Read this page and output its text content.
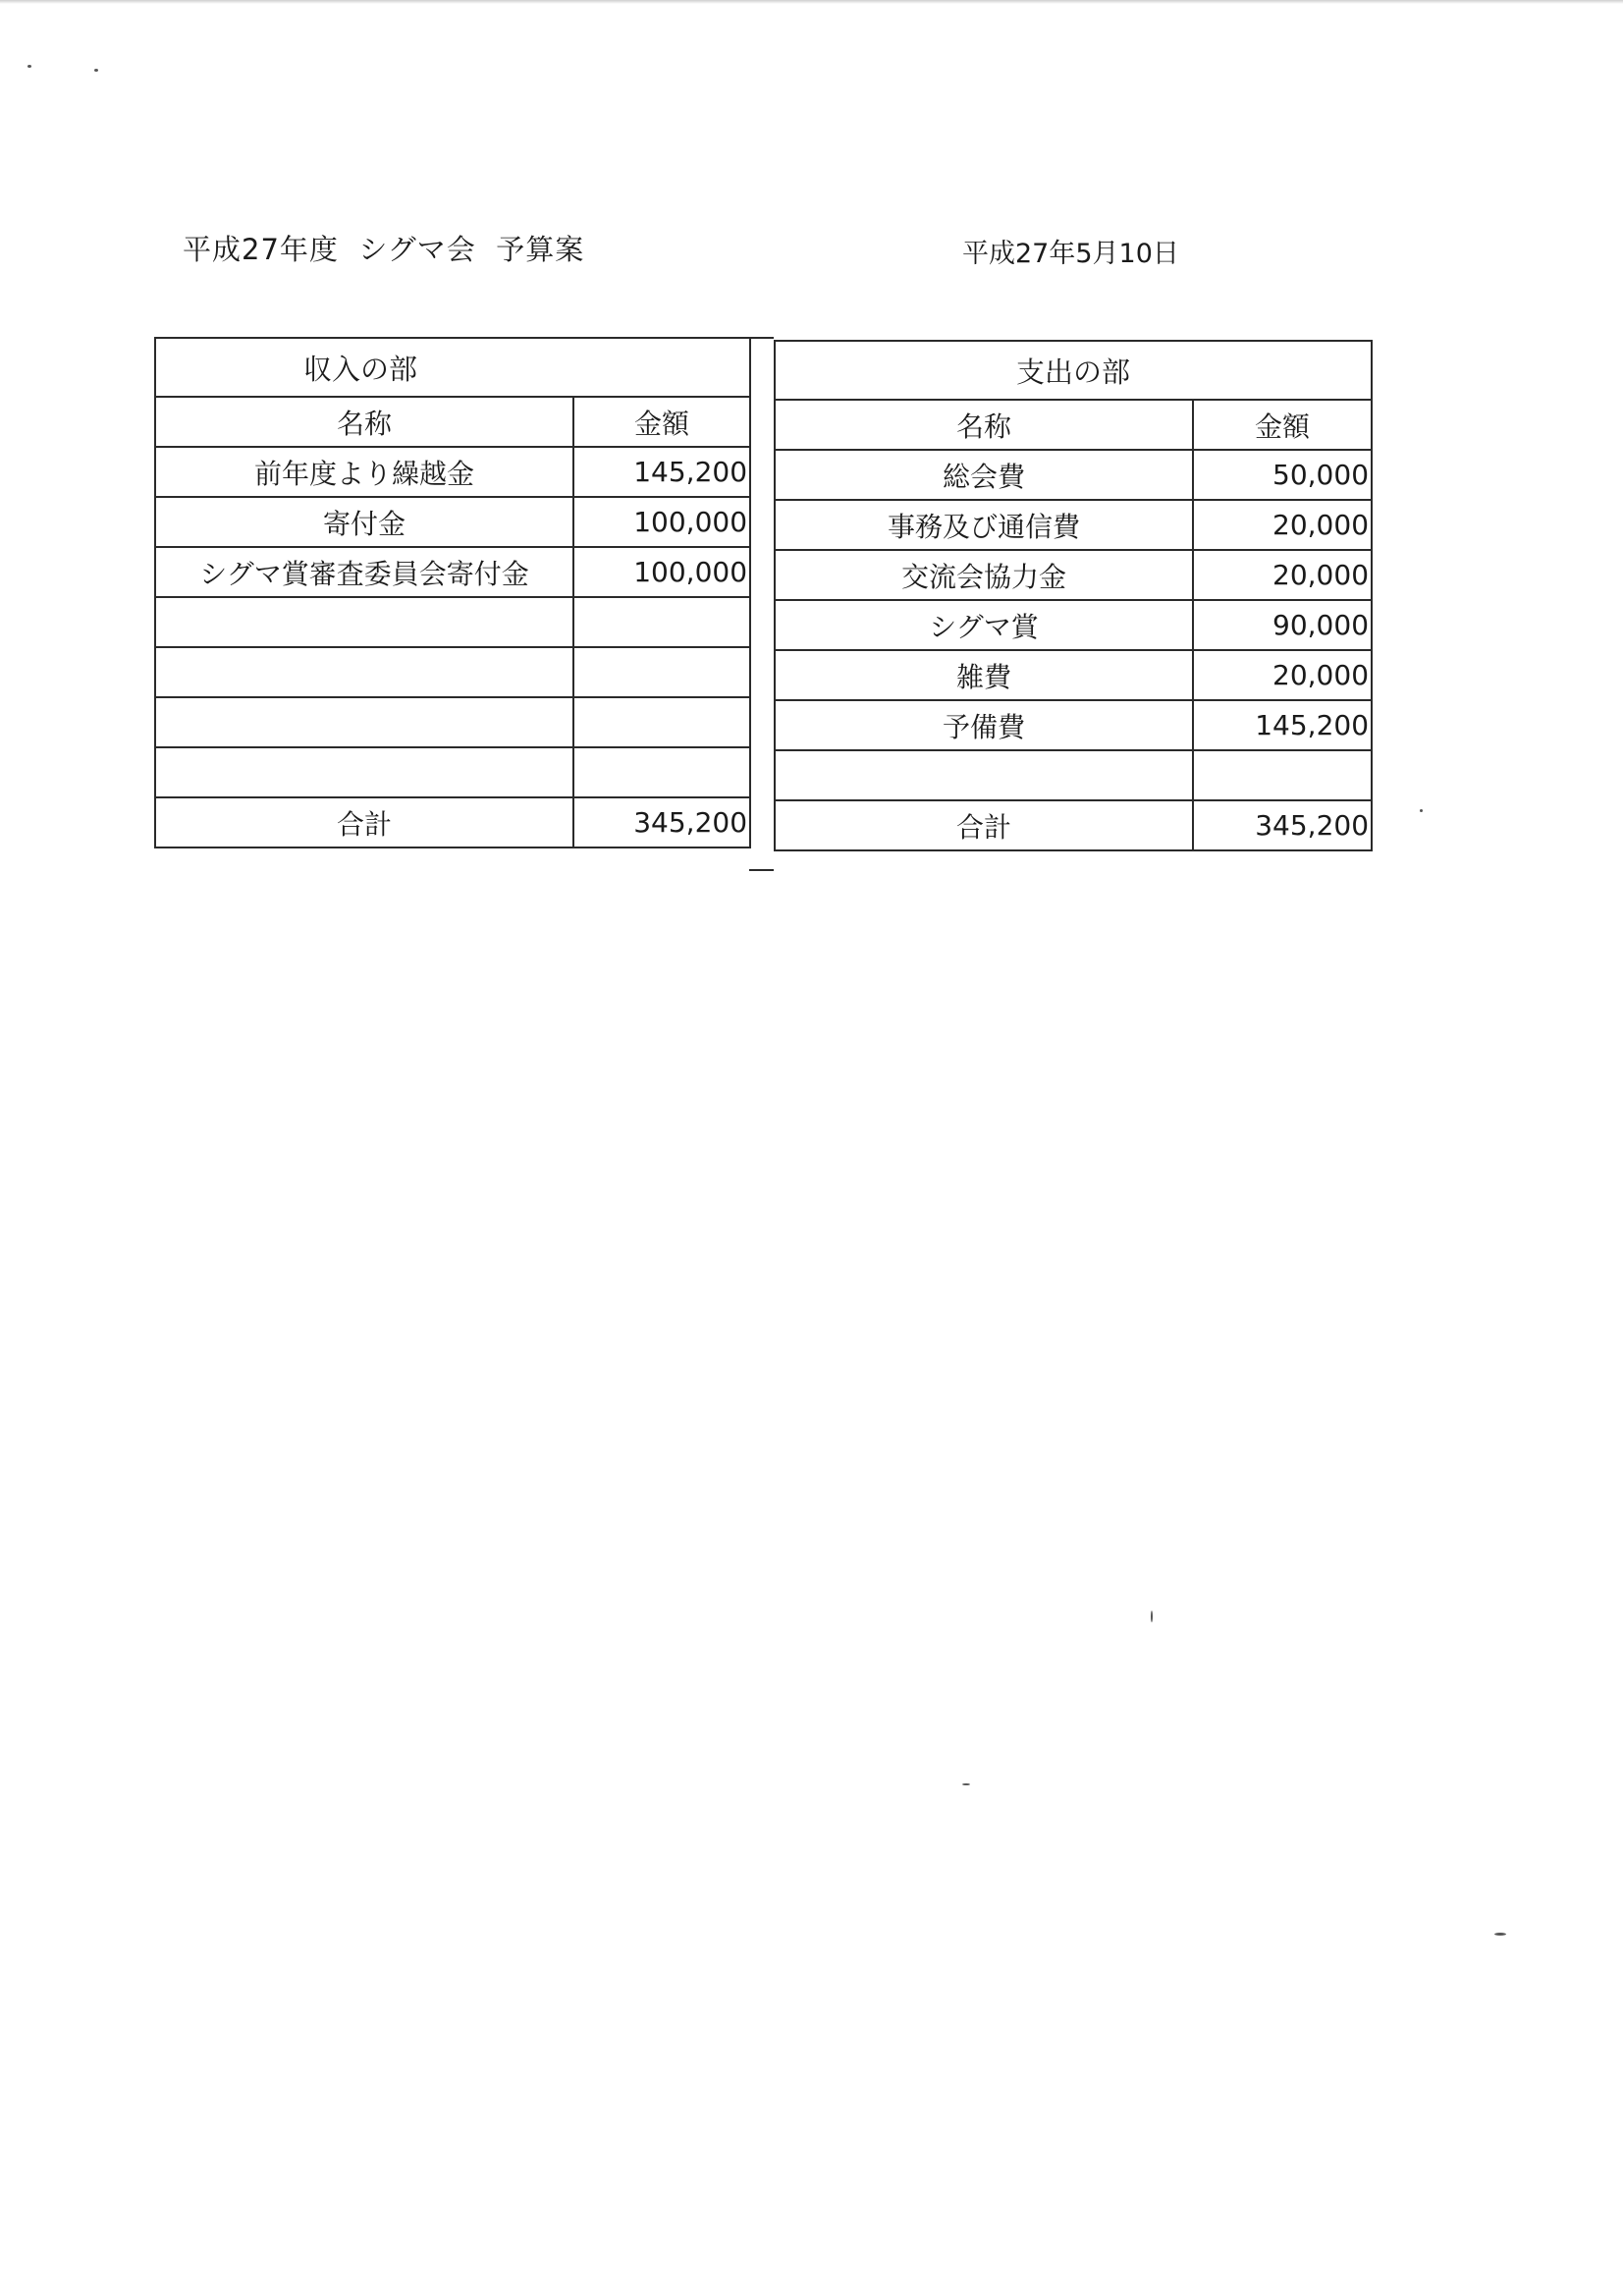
平成27年度  シグマ会  予算案	平成27年5月10日
収入の部	
名称	金額
前年度より繰越金	145,200
寄付金	100,000
シグマ賞審査委員会寄付金	100,000

合計	345,200
支出の部	
名称	金額
総会費	50,000
事務及び通信費	20,000
交流会協力金	20,000
シグマ賞	90,000
雑費	20,000
予備費	145,200

合計	345,200
